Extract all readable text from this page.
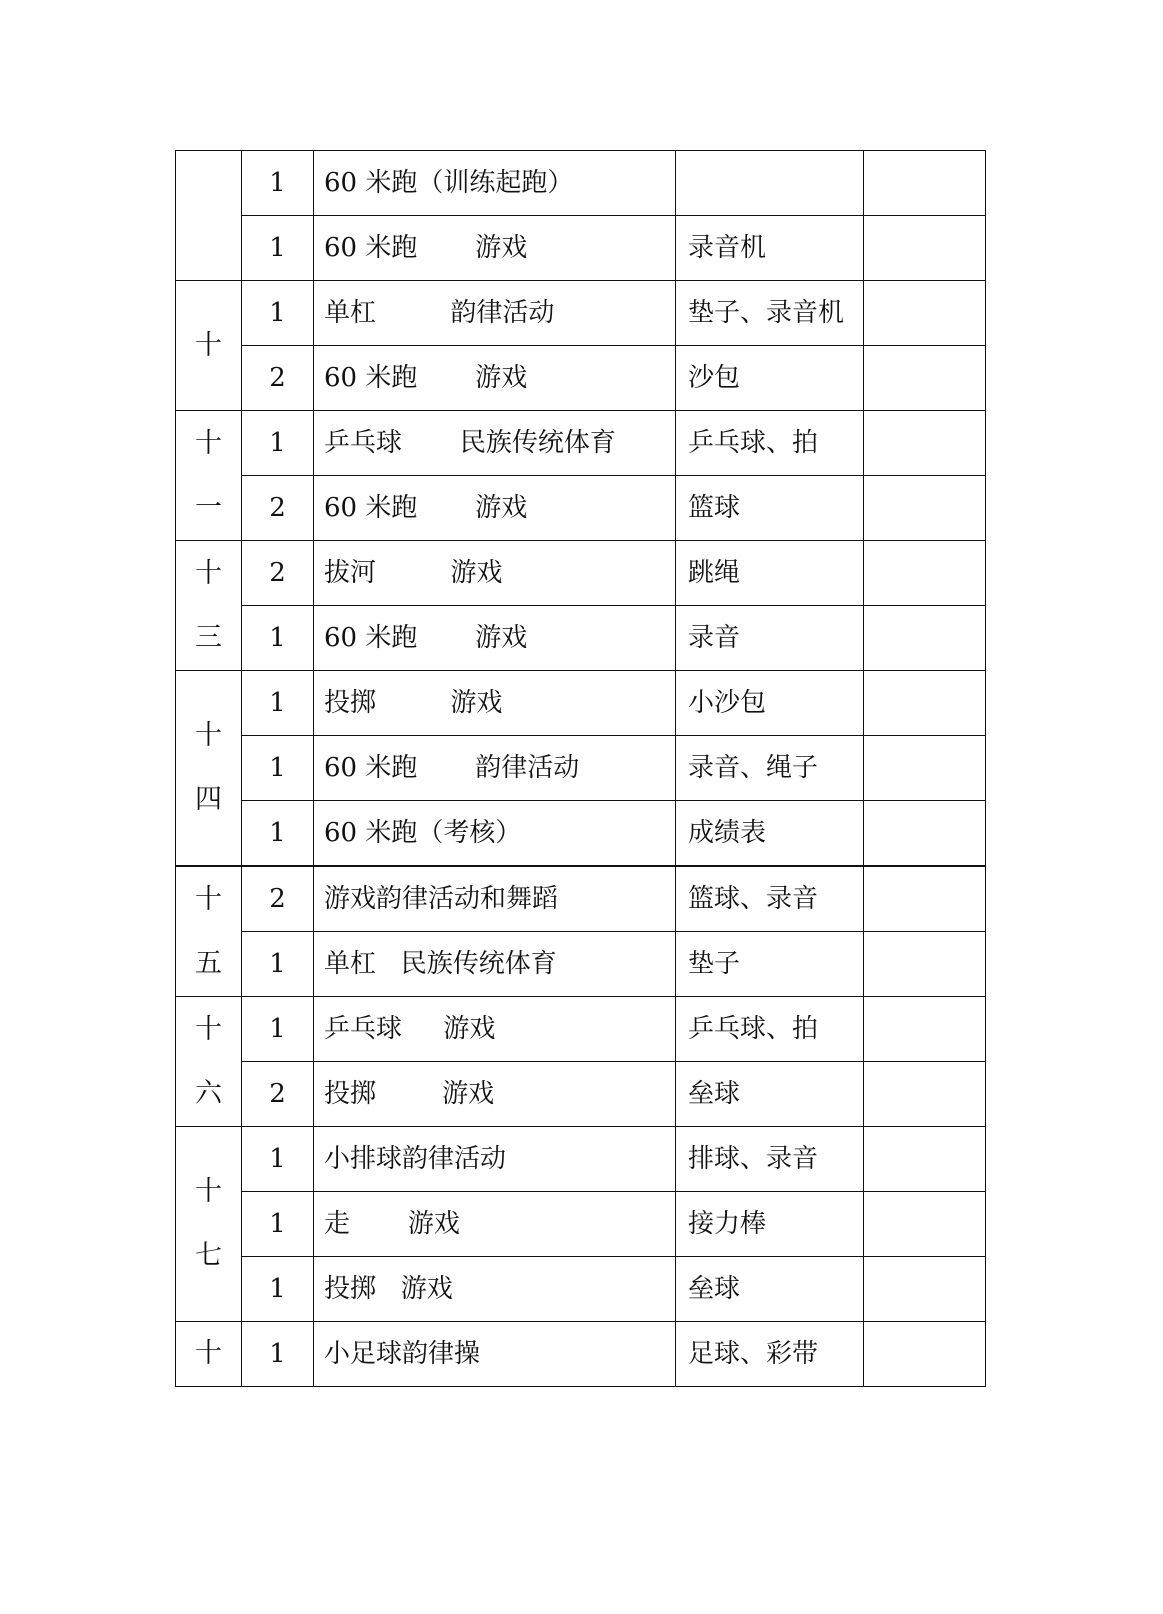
	1	60 米跑（训练起跑）		
	1	60 米跑       游戏	录音机	

十	1	单杠         韵律活动	垫子、录音机	
	2	60 米跑       游戏	沙包	

十
一	1	乒乓球       民族传统体育	乒乓球、拍	
	2	60 米跑       游戏	篮球	

十
三	2	拔河         游戏	跳绳	
	1	60 米跑       游戏	录音	

十
四	1	投掷         游戏	小沙包	
	1	60 米跑       韵律活动	录音、绳子	
	1	60 米跑（考核）	成绩表	

十
五	2	游戏韵律活动和舞蹈	篮球、录音	
	1	单杠   民族传统体育	垫子	

十
六	1	乒乓球     游戏	乒乓球、拍	
	2	投掷        游戏	垒球	

十
七	1	小排球韵律活动	排球、录音	
	1	走       游戏	接力棒	
	1	投掷   游戏	垒球	

十	1	小足球韵律操	足球、彩带	
